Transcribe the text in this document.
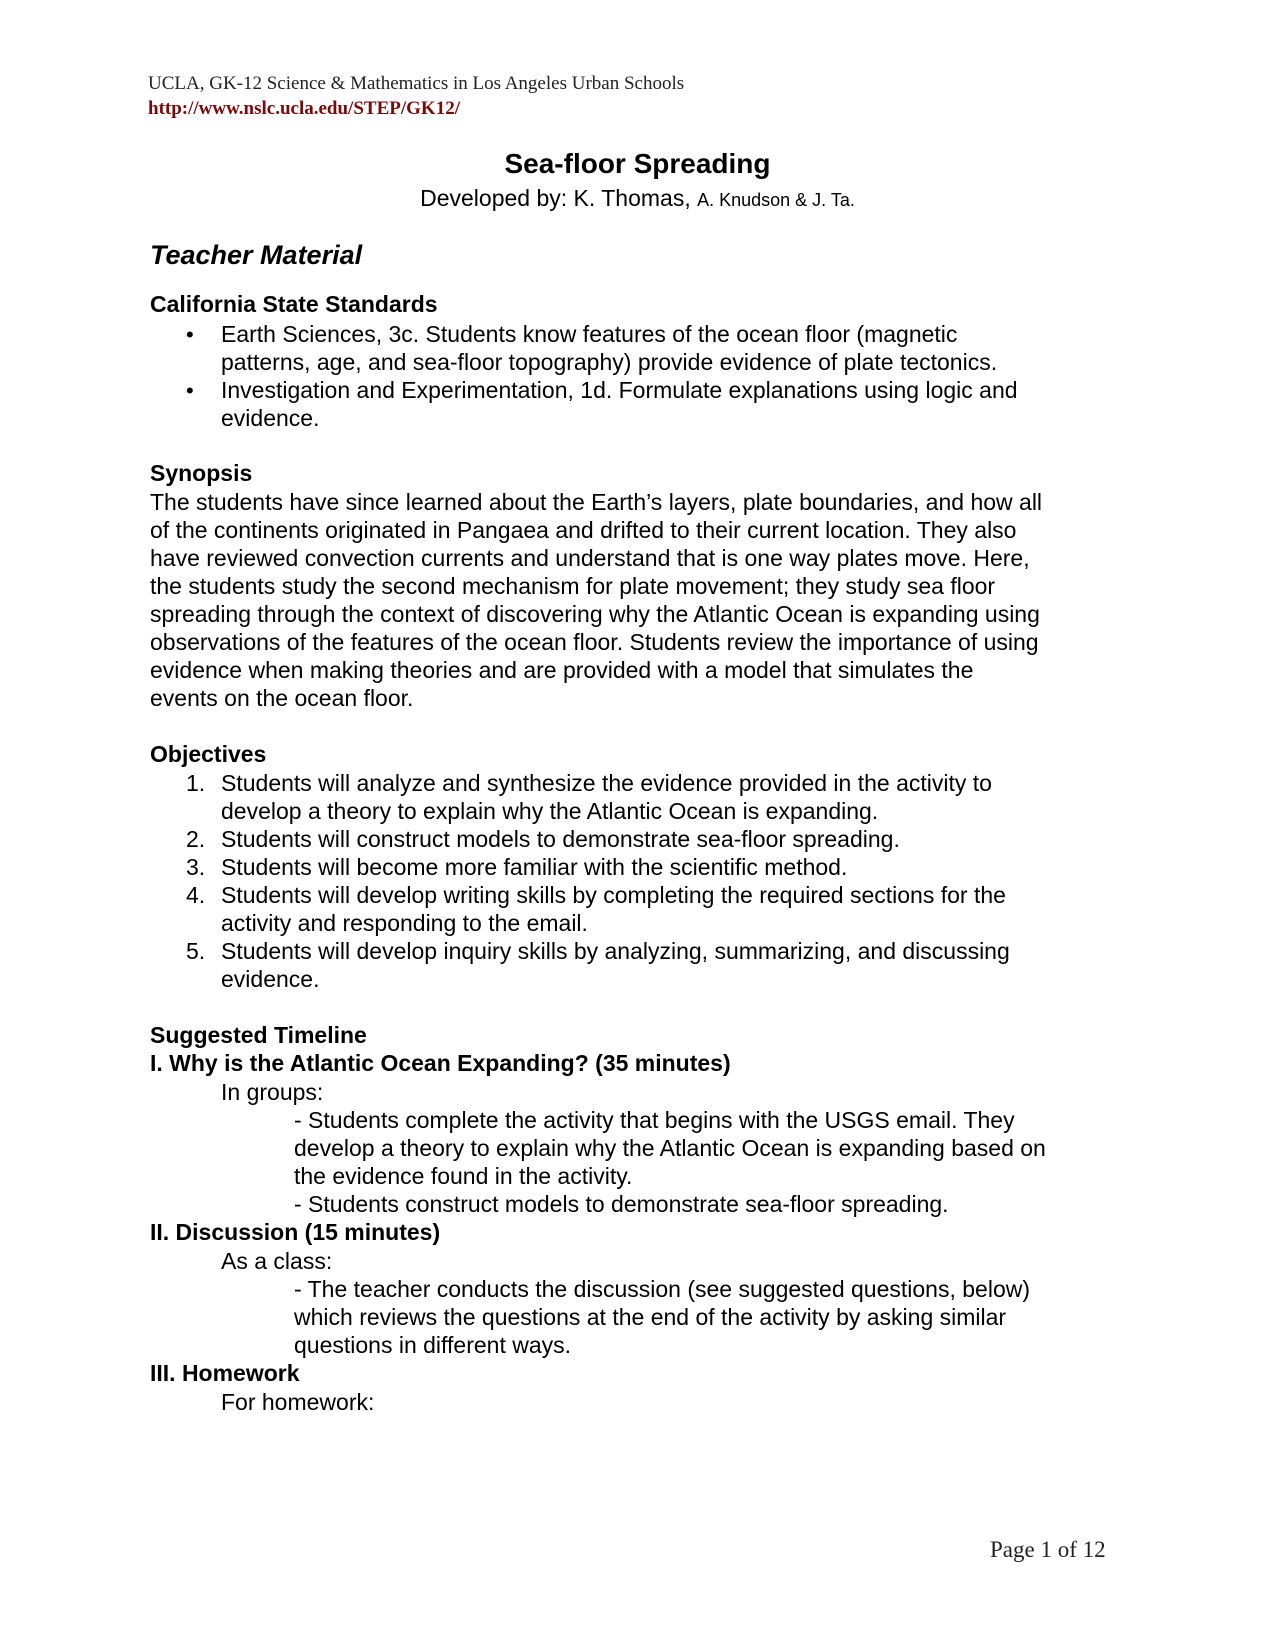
UCLA, GK-12 Science & Mathematics in Los Angeles Urban Schools
http://www.nslc.ucla.edu/STEP/GK12/
Sea-floor Spreading
Developed by: K. Thomas, A. Knudson & J. Ta.
Teacher Material
California State Standards
• Earth Sciences, 3c. Students know features of the ocean floor (magnetic
patterns, age, and sea-floor topography) provide evidence of plate tectonics.
• Investigation and Experimentation, 1d. Formulate explanations using logic and
evidence.
Synopsis
The students have since learned about the Earth’s layers, plate boundaries, and how all
of the continents originated in Pangaea and drifted to their current location. They also
have reviewed convection currents and understand that is one way plates move. Here,
the students study the second mechanism for plate movement; they study sea floor
spreading through the context of discovering why the Atlantic Ocean is expanding using
observations of the features of the ocean floor. Students review the importance of using
evidence when making theories and are provided with a model that simulates the
events on the ocean floor.
Objectives
1. Students will analyze and synthesize the evidence provided in the activity to
develop a theory to explain why the Atlantic Ocean is expanding.
2. Students will construct models to demonstrate sea-floor spreading.
3. Students will become more familiar with the scientific method.
4. Students will develop writing skills by completing the required sections for the
activity and responding to the email.
5. Students will develop inquiry skills by analyzing, summarizing, and discussing
evidence.
Suggested Timeline
I. Why is the Atlantic Ocean Expanding? (35 minutes)
In groups:
- Students complete the activity that begins with the USGS email. They
develop a theory to explain why the Atlantic Ocean is expanding based on
the evidence found in the activity.
- Students construct models to demonstrate sea-floor spreading.
II. Discussion (15 minutes)
As a class:
- The teacher conducts the discussion (see suggested questions, below)
which reviews the questions at the end of the activity by asking similar
questions in different ways.
III. Homework
For homework:
Page 1 of 12
